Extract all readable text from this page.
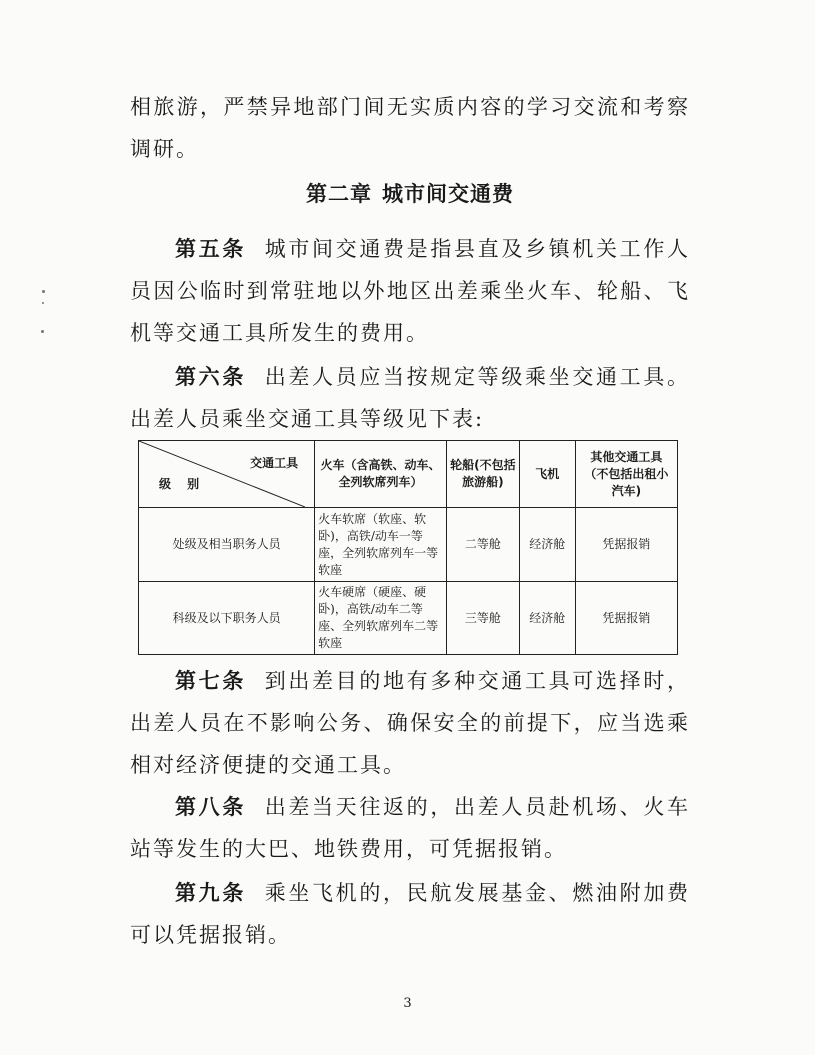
相旅游，严禁异地部门间无实质内容的学习交流和考察调研。

第二章 城市间交通费

第五条 城市间交通费是指县直及乡镇机关工作人员因公临时到常驻地以外地区出差乘坐火车、轮船、飞机等交通工具所发生的费用。

第六条 出差人员应当按规定等级乘坐交通工具。出差人员乘坐交通工具等级见下表:

交通工具
级 别	火车（含高铁、动车、全列软席列车）	轮船(不包括旅游船)	飞机	其他交通工具（不包括出租小汽车)
处级及相当职务人员	火车软席（软座、软卧)，高铁/动车一等座，全列软席列车一等软座	二等舱	经济舱	凭据报销
科级及以下职务人员	火车硬席（硬座、硬卧)，高铁/动车二等座、全列软席列车二等软座	三等舱	经济舱	凭据报销

第七条 到出差目的地有多种交通工具可选择时，出差人员在不影响公务、确保安全的前提下，应当选乘相对经济便捷的交通工具。

第八条 出差当天往返的，出差人员赴机场、火车站等发生的大巴、地铁费用，可凭据报销。

第九条 乘坐飞机的，民航发展基金、燃油附加费可以凭据报销。

3
